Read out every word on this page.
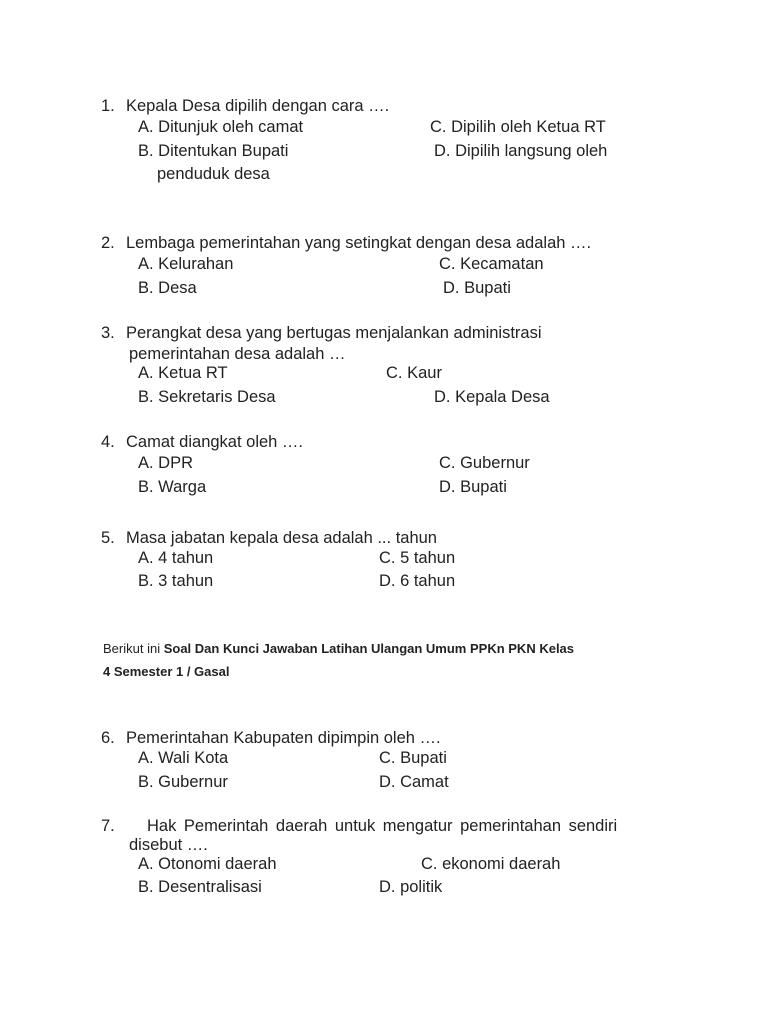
1. Kepala Desa dipilih dengan cara ….
A. Ditunjuk oleh camat	C. Dipilih oleh Ketua RT
B. Ditentukan Bupati	D. Dipilih langsung oleh
penduduk desa
2. Lembaga pemerintahan yang setingkat dengan desa adalah ….
A. Kelurahan	C. Kecamatan
B. Desa	D. Bupati
3. Perangkat desa yang bertugas menjalankan administrasi
pemerintahan desa adalah …
A. Ketua RT	C. Kaur
B. Sekretaris Desa	D. Kepala Desa
4. Camat diangkat oleh ….
A. DPR	C. Gubernur
B. Warga	D. Bupati
5. Masa jabatan kepala desa adalah ... tahun
A. 4 tahun	C. 5 tahun
B. 3 tahun	D. 6 tahun
Berikut ini Soal Dan Kunci Jawaban Latihan Ulangan Umum PPKn PKN Kelas
4 Semester 1 / Gasal
6. Pemerintahan Kabupaten dipimpin oleh ….
A. Wali Kota	C. Bupati
B. Gubernur	D. Camat
7. Hak Pemerintah daerah untuk mengatur pemerintahan sendiri
disebut ….
A. Otonomi daerah	C. ekonomi daerah
B. Desentralisasi	D. politik
